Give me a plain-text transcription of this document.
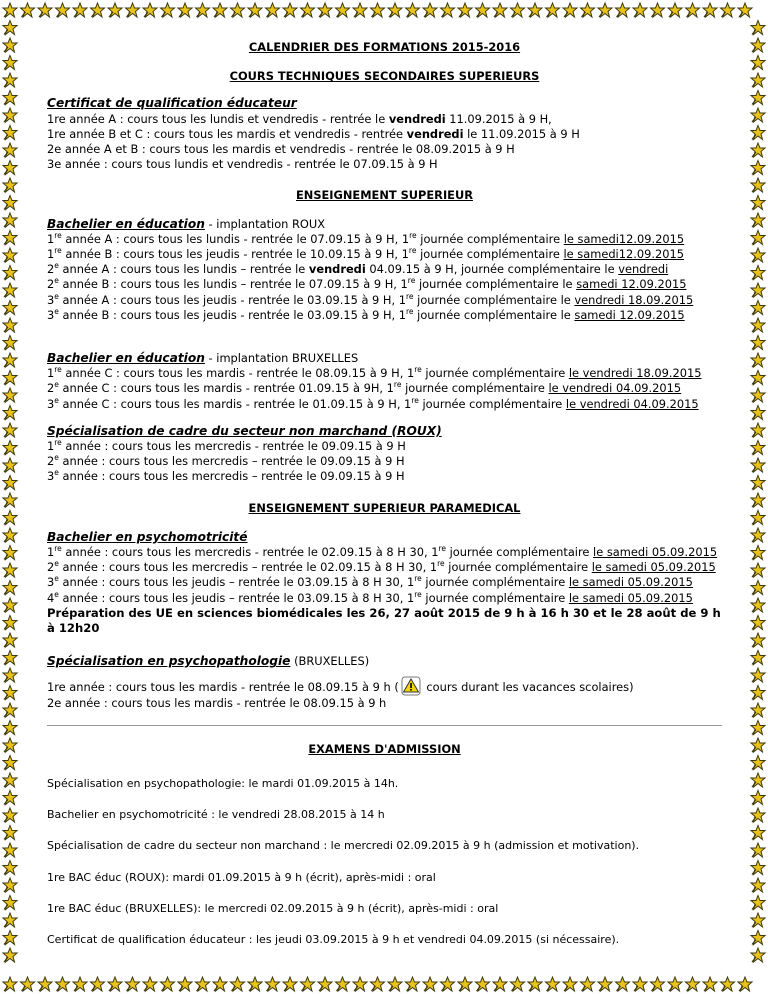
CALENDRIER DES FORMATIONS 2015-2016
COURS TECHNIQUES SECONDAIRES SUPERIEURS
Certificat de qualification éducateur
1re année A : cours tous les lundis et vendredis - rentrée le vendredi 11.09.2015 à 9 H,
1re année B et C : cours tous les mardis et vendredis - rentrée vendredi le 11.09.2015 à 9 H
2e année A et B : cours tous les mardis et vendredis - rentrée le 08.09.2015 à 9 H
3e année : cours tous lundis et vendredis - rentrée le 07.09.15 à 9 H
ENSEIGNEMENT SUPERIEUR
Bachelier en éducation - implantation ROUX
1re année A : cours tous les lundis - rentrée le 07.09.15 à 9 H, 1re journée complémentaire le samedi12.09.2015
1re année B : cours tous les jeudis - rentrée le 10.09.15 à 9 H, 1re journée complémentaire le samedi12.09.2015
2e année A : cours tous les lundis – rentrée le vendredi 04.09.15 à 9 H, journée complémentaire le vendredi
2e année B : cours tous les lundis – rentrée le 07.09.15 à 9 H, 1re journée complémentaire le samedi 12.09.2015
3e année A : cours tous les jeudis - rentrée le 03.09.15 à 9 H, 1re journée complémentaire le vendredi 18.09.2015
3e année B : cours tous les jeudis - rentrée le 03.09.15 à 9 H, 1re journée complémentaire le samedi 12.09.2015
Bachelier en éducation - implantation BRUXELLES
1re année C : cours tous les mardis - rentrée le 08.09.15 à 9 H, 1re journée complémentaire le vendredi 18.09.2015
2e année C : cours tous les mardis - rentrée 01.09.15 à 9H, 1re journée complémentaire le vendredi 04.09.2015
3e année C : cours tous les mardis - rentrée le 01.09.15 à 9 H, 1re journée complémentaire le vendredi 04.09.2015
Spécialisation de cadre du secteur non marchand (ROUX)
1re année : cours tous les mercredis - rentrée le 09.09.15 à 9 H
2e année : cours tous les mercredis – rentrée le 09.09.15 à 9 H
3e année : cours tous les mercredis – rentrée le 09.09.15 à 9 H
ENSEIGNEMENT SUPERIEUR PARAMEDICAL
Bachelier en psychomotricité
1re année : cours tous les mercredis - rentrée le 02.09.15 à 8 H 30, 1re journée complémentaire le samedi 05.09.2015
2e année : cours tous les mercredis – rentrée le 02.09.15 à 8 H 30, 1re journée complémentaire le samedi 05.09.2015
3e année : cours tous les jeudis – rentrée le 03.09.15 à 8 H 30, 1re journée complémentaire le samedi 05.09.2015
4e année : cours tous les jeudis – rentrée le 03.09.15 à 8 H 30, 1re journée complémentaire le samedi 05.09.2015
Préparation des UE en sciences biomédicales les 26, 27 août 2015 de 9 h à 16 h 30 et le 28 août de 9 h à 12h20
Spécialisation en psychopathologie (BRUXELLES)
1re année : cours tous les mardis - rentrée le 08.09.15 à 9 h ( cours durant les vacances scolaires)
2e année : cours tous les mardis - rentrée le 08.09.15 à 9 h
EXAMENS D'ADMISSION
Spécialisation en psychopathologie: le mardi 01.09.2015 à 14h.
Bachelier en psychomotricité : le vendredi 28.08.2015 à 14 h
Spécialisation de cadre du secteur non marchand : le mercredi 02.09.2015 à 9 h (admission et motivation).
1re BAC éduc (ROUX): mardi 01.09.2015 à 9 h (écrit), après-midi : oral
1re BAC éduc (BRUXELLES): le mercredi 02.09.2015 à 9 h (écrit), après-midi : oral
Certificat de qualification éducateur : les jeudi 03.09.2015 à 9 h et vendredi 04.09.2015 (si nécessaire).
